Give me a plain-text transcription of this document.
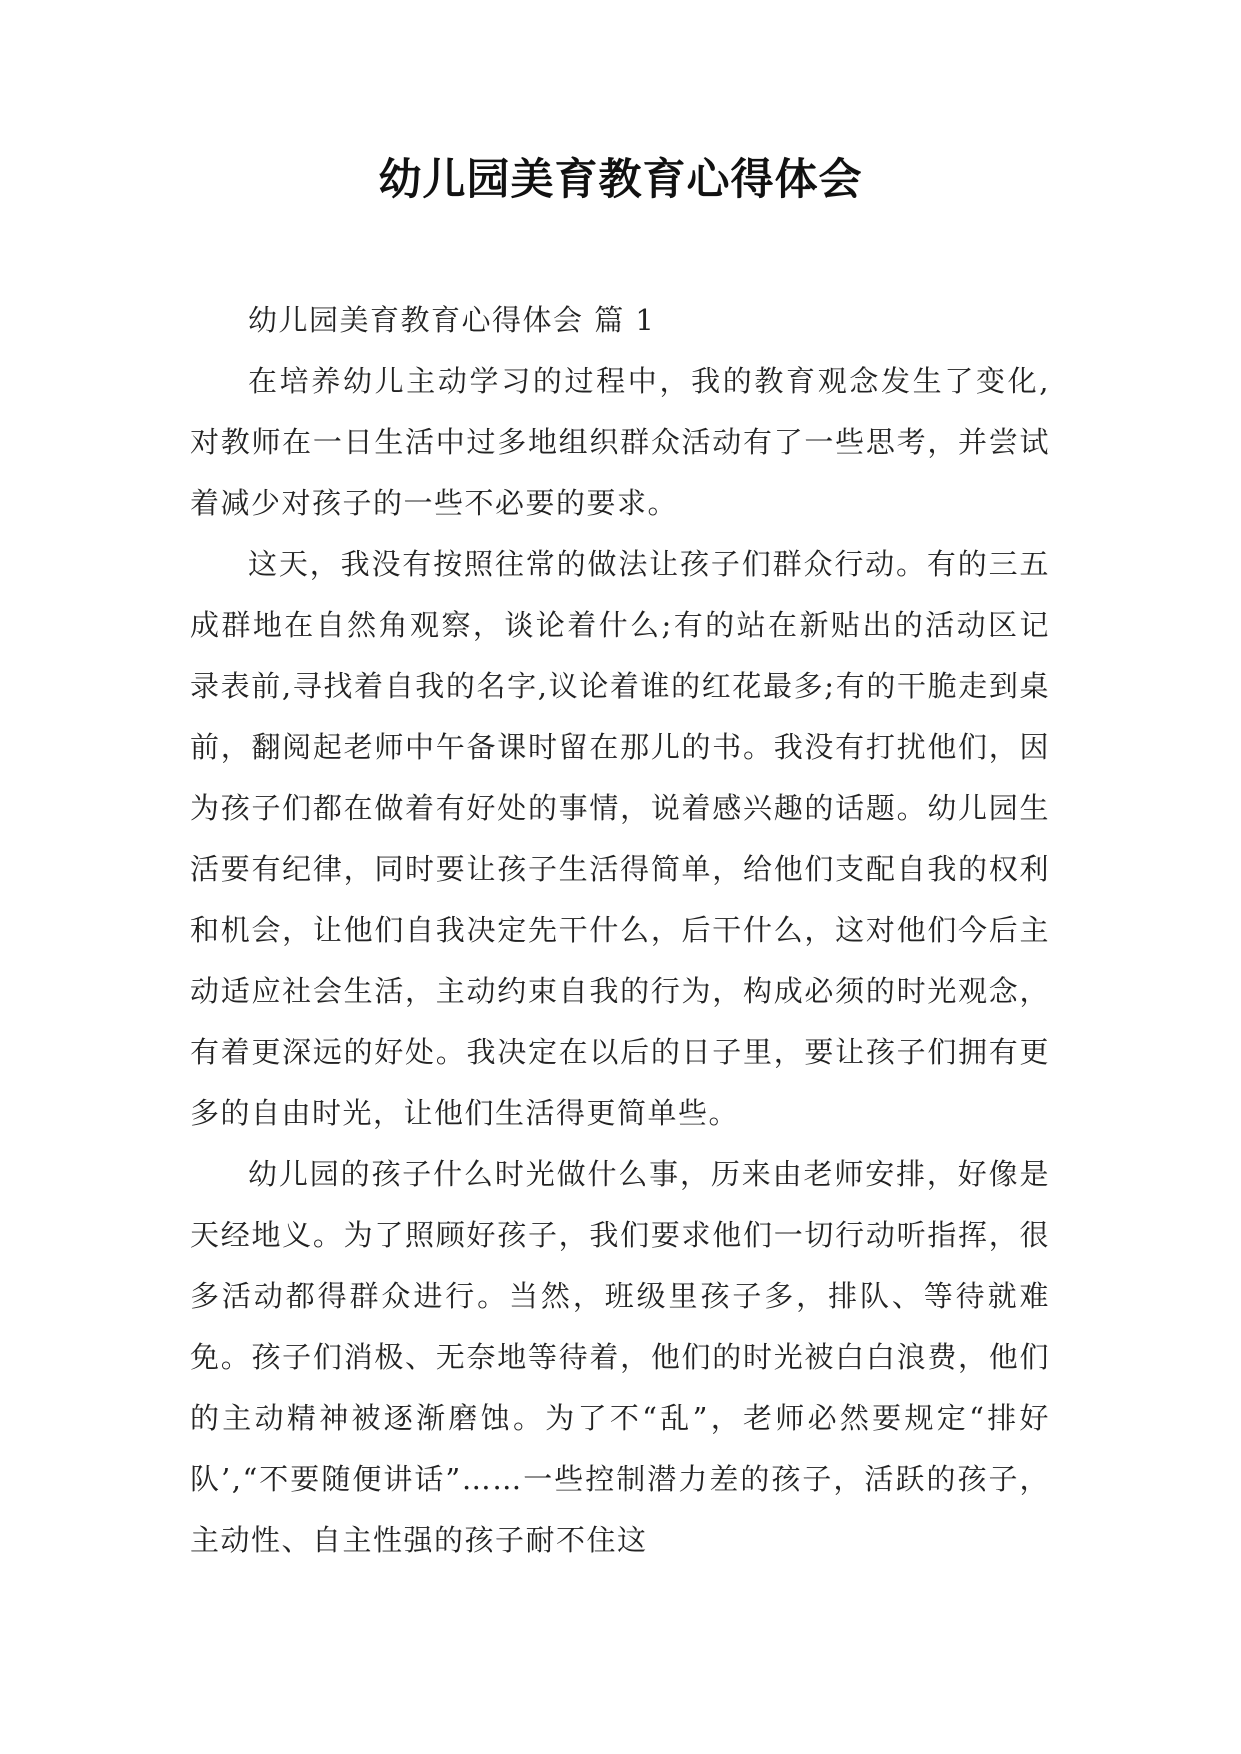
幼儿园美育教育心得体会

幼儿园美育教育心得体会 篇 1

在培养幼儿主动学习的过程中，我的教育观念发生了变化,对教师在一日生活中过多地组织群众活动有了一些思考，并尝试着减少对孩子的一些不必要的要求。

这天，我没有按照往常的做法让孩子们群众行动。有的三五成群地在自然角观察，谈论着什么;有的站在新贴出的活动区记录表前,寻找着自我的名字,议论着谁的红花最多;有的干脆走到桌前，翻阅起老师中午备课时留在那儿的书。我没有打扰他们，因为孩子们都在做着有好处的事情，说着感兴趣的话题。幼儿园生活要有纪律，同时要让孩子生活得简单，给他们支配自我的权利和机会，让他们自我决定先干什么，后干什么，这对他们今后主动适应社会生活，主动约束自我的行为，构成必须的时光观念，有着更深远的好处。我决定在以后的日子里，要让孩子们拥有更多的自由时光，让他们生活得更简单些。

幼儿园的孩子什么时光做什么事，历来由老师安排，好像是天经地义。为了照顾好孩子，我们要求他们一切行动听指挥，很多活动都得群众进行。当然，班级里孩子多，排队、等待就难免。孩子们消极、无奈地等待着，他们的时光被白白浪费，他们的主动精神被逐渐磨蚀。为了不“乱”，老师必然要规定“排好队’,“不要随便讲话”……一些控制潜力差的孩子，活跃的孩子，主动性、自主性强的孩子耐不住这
